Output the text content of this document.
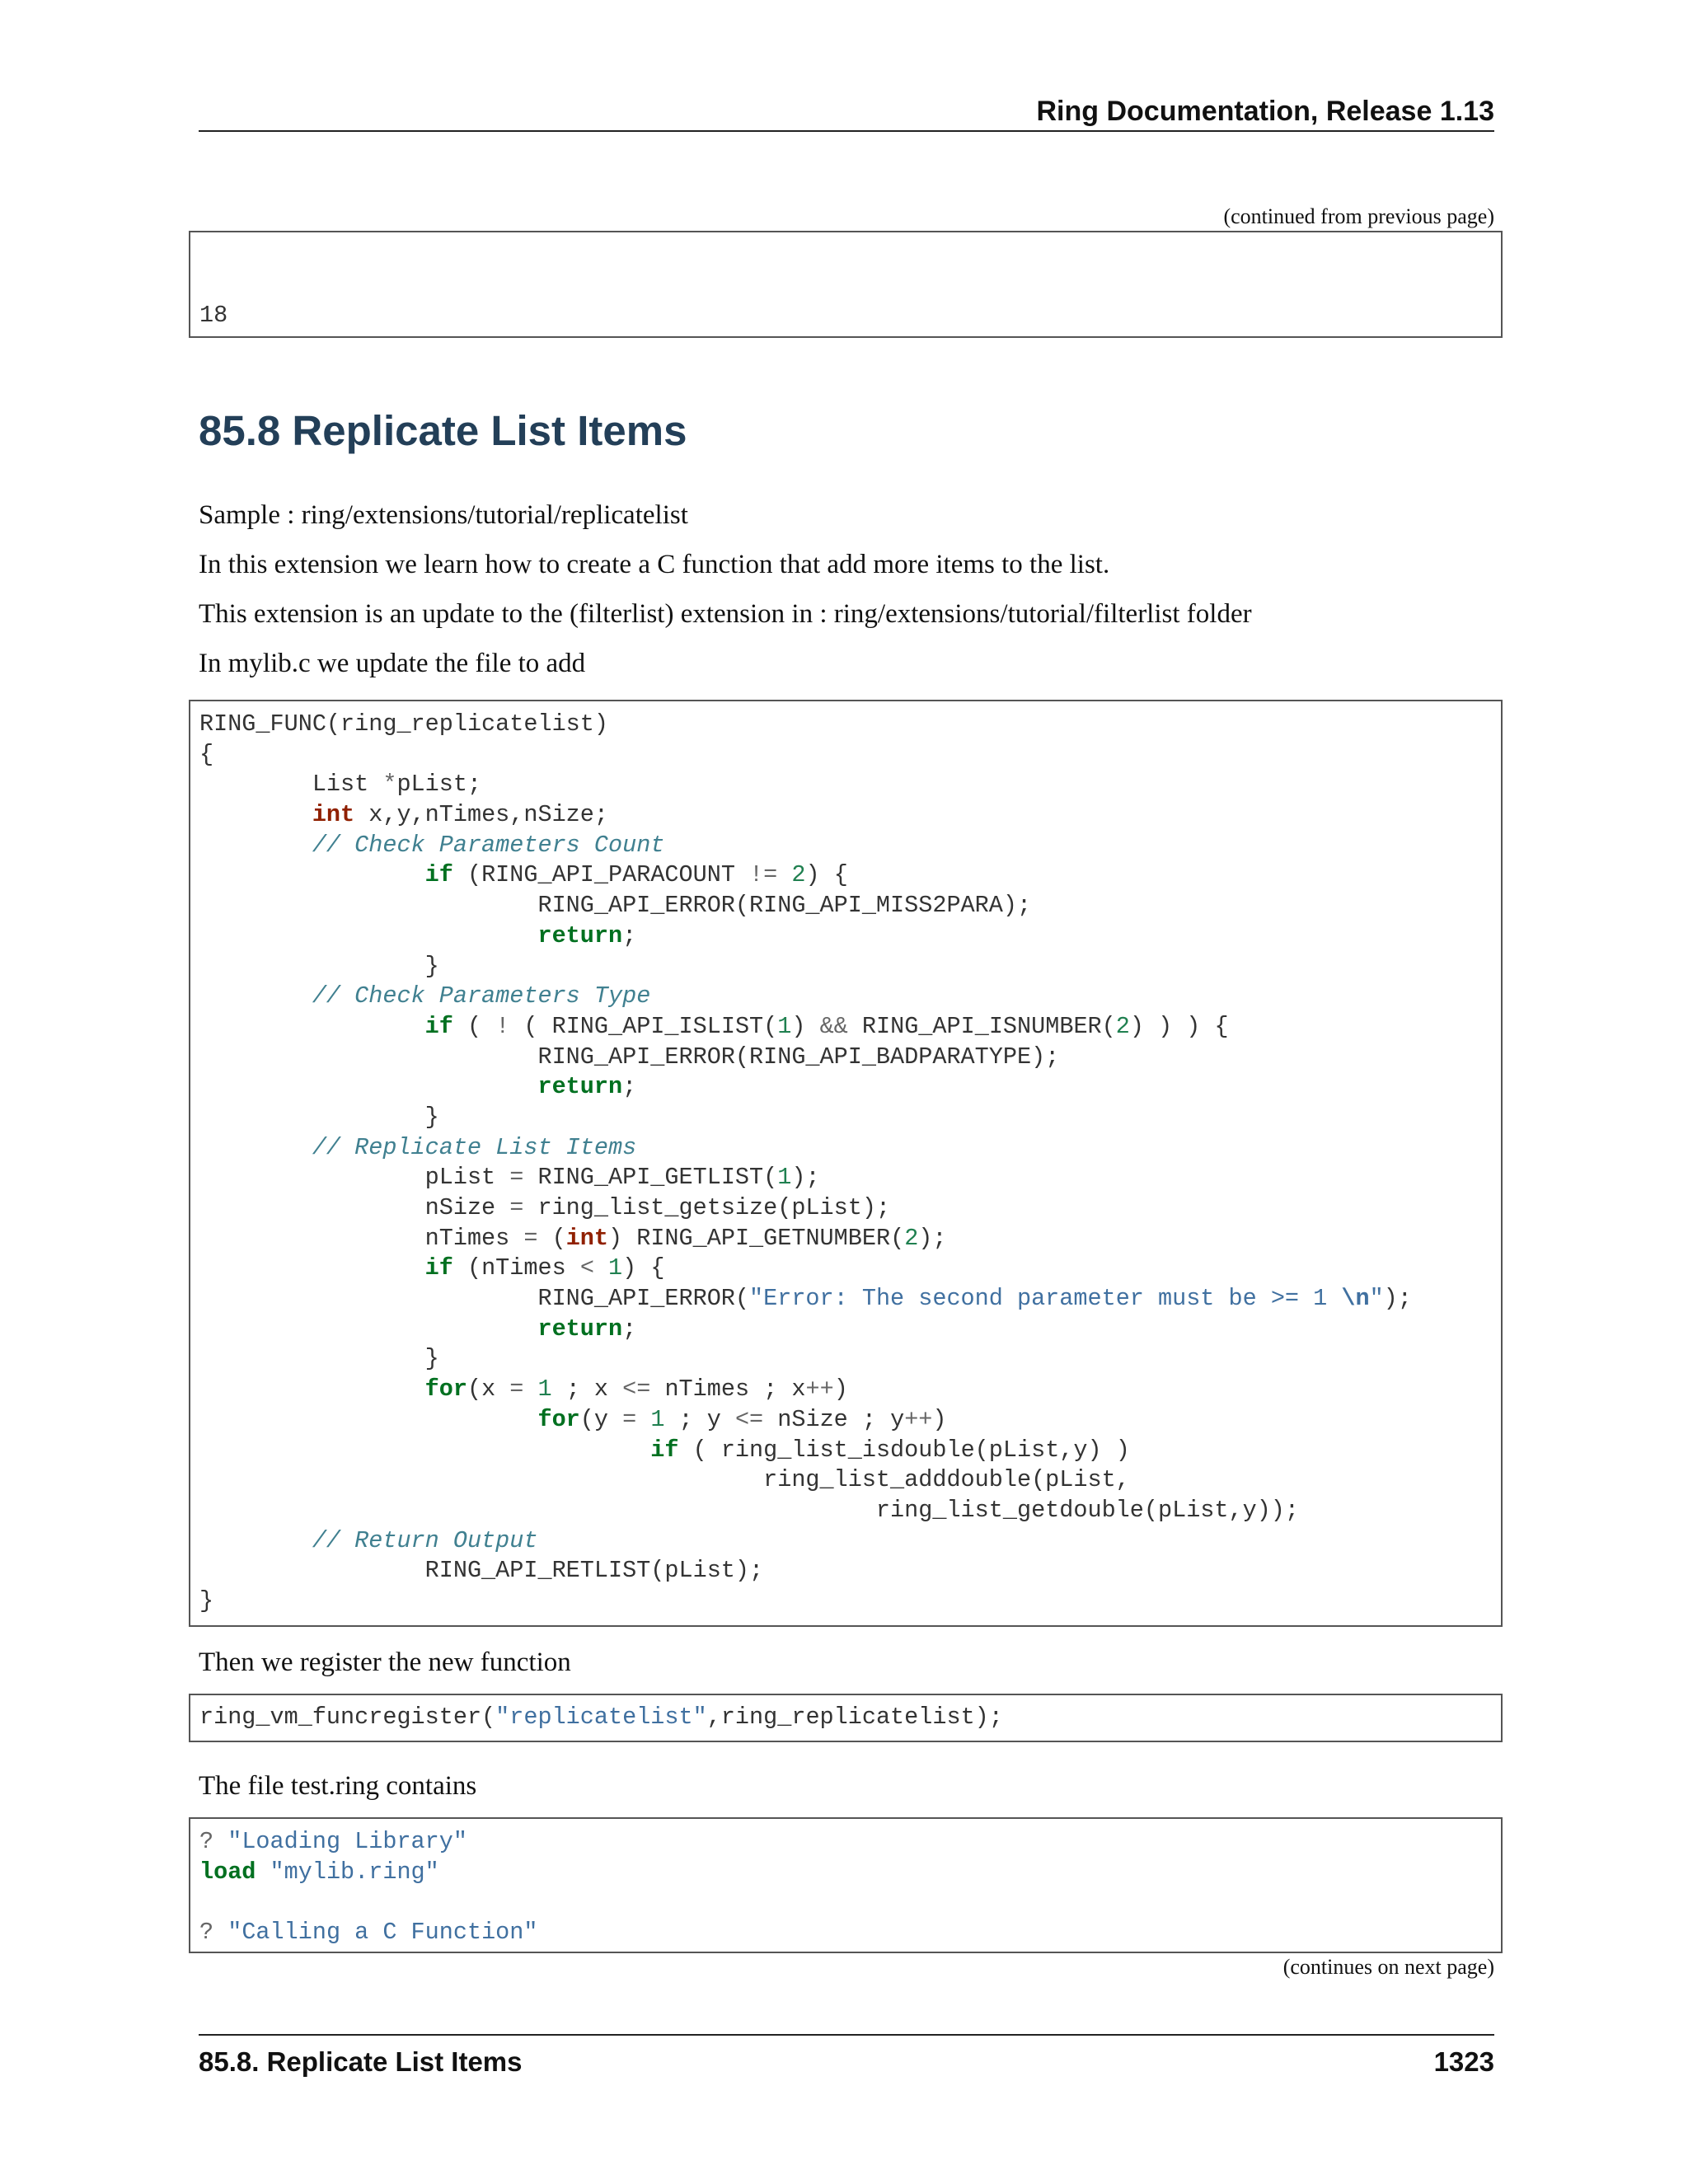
Ring Documentation, Release 1.13
(continued from previous page)

18

85.8 Replicate List Items

Sample : ring/extensions/tutorial/replicatelist

In this extension we learn how to create a C function that add more items to the list.

This extension is an update to the (filterlist) extension in : ring/extensions/tutorial/filterlist folder

In mylib.c we update the file to add

RING_FUNC(ring_replicatelist)
{
List *pList;
int x,y,nTimes,nSize;
// Check Parameters Count
if (RING_API_PARACOUNT != 2) {
RING_API_ERROR(RING_API_MISS2PARA);
return;
}
// Check Parameters Type
if ( ! ( RING_API_ISLIST(1) && RING_API_ISNUMBER(2) ) ) {
RING_API_ERROR(RING_API_BADPARATYPE);
return;
}
// Replicate List Items
pList = RING_API_GETLIST(1);
nSize = ring_list_getsize(pList);
nTimes = (int) RING_API_GETNUMBER(2);
if (nTimes < 1) {
RING_API_ERROR("Error: The second parameter must be >= 1 \n");
return;
}
for(x = 1 ; x <= nTimes ; x++)
for(y = 1 ; y <= nSize ; y++)
if ( ring_list_isdouble(pList,y) )
ring_list_adddouble(pList,
ring_list_getdouble(pList,y));
// Return Output
RING_API_RETLIST(pList);
}

Then we register the new function

ring_vm_funcregister("replicatelist",ring_replicatelist);

The file test.ring contains

? "Loading Library"
load "mylib.ring"
? "Calling a C Function"
(continues on next page)
85.8. Replicate List Items	1323
